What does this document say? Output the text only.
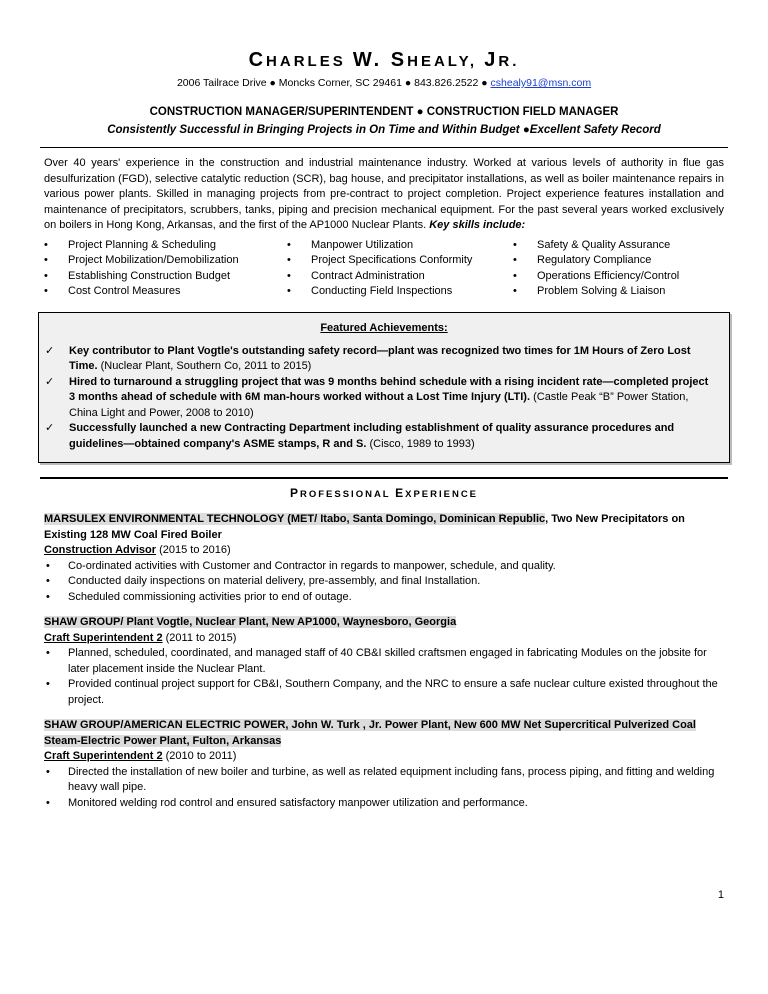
CHARLES W. SHEALY, JR.
2006 Tailrace Drive ● Moncks Corner, SC 29461 ● 843.826.2522 ● cshealy91@msn.com
CONSTRUCTION MANAGER/SUPERINTENDENT ● CONSTRUCTION FIELD MANAGER
Consistently Successful in Bringing Projects in On Time and Within Budget ●Excellent Safety Record
Over 40 years' experience in the construction and industrial maintenance industry. Worked at various levels of authority in flue gas desulfurization (FGD), selective catalytic reduction (SCR), bag house, and precipitator installations, as well as boiler maintenance repairs in various power plants. Skilled in managing projects from pre-contract to project completion. Project experience features installation and maintenance of precipitators, scrubbers, tanks, piping and precision mechanical equipment. For the past several years worked exclusively on boilers in Hong Kong, Arkansas, and the first of the AP1000 Nuclear Plants. Key skills include:
• Project Planning & Scheduling
• Project Mobilization/Demobilization
• Establishing Construction Budget
• Cost Control Measures
• Manpower Utilization
• Project Specifications Conformity
• Contract Administration
• Conducting Field Inspections
• Safety & Quality Assurance
• Regulatory Compliance
• Operations Efficiency/Control
• Problem Solving & Liaison
Featured Achievements:
✓ Key contributor to Plant Vogtle's outstanding safety record—plant was recognized two times for 1M Hours of Zero Lost Time. (Nuclear Plant, Southern Co, 2011 to 2015)
✓ Hired to turnaround a struggling project that was 9 months behind schedule with a rising incident rate—completed project 3 months ahead of schedule with 6M man-hours worked without a Lost Time Injury (LTI). (Castle Peak “B” Power Station, China Light and Power, 2008 to 2010)
✓ Successfully launched a new Contracting Department including establishment of quality assurance procedures and guidelines—obtained company's ASME stamps, R and S. (Cisco, 1989 to 1993)
PROFESSIONAL EXPERIENCE
MARSULEX ENVIRONMENTAL TECHNOLOGY (MET/ Itabo, Santa Domingo, Dominican Republic, Two New Precipitators on Existing 128 MW Coal Fired Boiler
Construction Advisor (2015 to 2016)
• Co-ordinated activities with Customer and Contractor in regards to manpower, schedule, and quality.
• Conducted daily inspections on material delivery, pre-assembly, and final Installation.
• Scheduled commissioning activities prior to end of outage.
SHAW GROUP/ Plant Vogtle, Nuclear Plant, New AP1000, Waynesboro, Georgia
Craft Superintendent 2 (2011 to 2015)
• Planned, scheduled, coordinated, and managed staff of 40 CB&I skilled craftsmen engaged in fabricating Modules on the jobsite for later placement inside the Nuclear Plant.
• Provided continual project support for CB&I, Southern Company, and the NRC to ensure a safe nuclear culture existed throughout the project.
SHAW GROUP/AMERICAN ELECTRIC POWER, John W. Turk , Jr. Power Plant, New 600 MW Net Supercritical Pulverized Coal Steam-Electric Power Plant, Fulton, Arkansas
Craft Superintendent 2 (2010 to 2011)
• Directed the installation of new boiler and turbine, as well as related equipment including fans, process piping, and fitting and welding heavy wall pipe.
• Monitored welding rod control and ensured satisfactory manpower utilization and performance.
1
